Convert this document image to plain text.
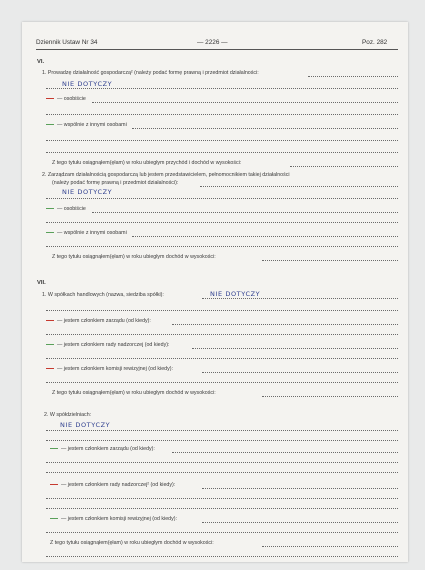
Dziennik Ustaw Nr 34	— 2226 —	Poz. 282
VI.
1. Prowadzę działalność gospodarczą² (należy podać formę prawną i przedmiot działalności:
NIE DOTYCZY
— osobiście
— wspólnie z innymi osobami
Z tego tytułu osiągnąłem(ęłam) w roku ubiegłym przychód i dochód w wysokości:
2. Zarządzam działalnością gospodarczą lub jestem przedstawicielem, pełnomocnikiem takiej działalności
(należy podać formę prawną i przedmiot działalności):
NIE DOTYCZY
— osobiście
— wspólnie z innymi osobami
Z tego tytułu osiągnąłem(ęłam) w roku ubiegłym dochód w wysokości:
VII.
1. W spółkach handlowych (nazwa, siedziba spółki):	NIE DOTYCZY
— jestem członkiem zarządu (od kiedy):
— jestem członkiem rady nadzorczej (od kiedy):
— jestem członkiem komisji rewizyjnej (od kiedy):
Z tego tytułu osiągnąłem(ęłam) w roku ubiegłym dochód w wysokości:
2. W spółdzielniach:
NIE DOTYCZY
— jestem członkiem zarządu (od kiedy):
— jestem członkiem rady nadzorczej² (od kiedy):
— jestem członkiem komisji rewizyjnej (od kiedy):
Z tego tytułu osiągnąłem(ęłam) w roku ubiegłym dochód w wysokości:
